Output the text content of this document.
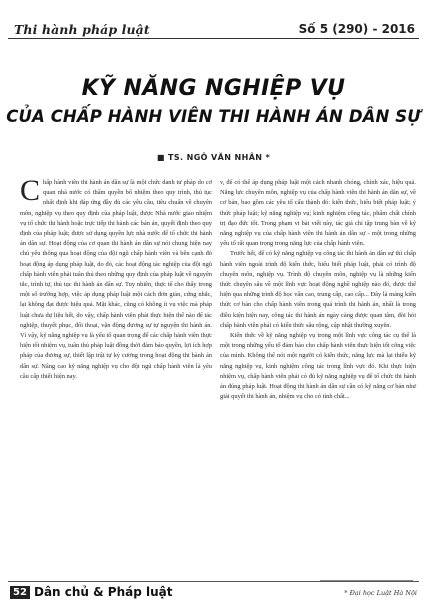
Thi hành pháp luật	Số 5 (290) - 2016
KỸ NĂNG NGHIỆP VỤ
CỦA CHẤP HÀNH VIÊN THI HÀNH ÁN DÂN SỰ
■ TS. NGÔ VĂN NHÂN *

Chấp hành viên thi hành án dân sự là một chức danh tư pháp do cơ quan nhà nước có thẩm quyền bổ nhiệm theo quy trình, thủ tục nhất định khi đáp ứng đầy đủ các yêu cầu, tiêu chuẩn về chuyên môn, nghiệp vụ theo quy định của pháp luật, được Nhà nước giao nhiệm vụ tổ chức thi hành hoặc trực tiếp thi hành các bản án, quyết định theo quy định của pháp luật; được sử dụng quyền lực nhà nước để tổ chức thi hành án dân sự. Hoạt động của cơ quan thi hành án dân sự nói chung hiện nay chủ yếu thông qua hoạt động của đội ngũ chấp hành viên và bên cạnh đó hoạt động áp dụng pháp luật, do đó, các hoạt động tác nghiệp của đội ngũ chấp hành viên phải tuân thủ theo những quy định của pháp luật về nguyên tắc, trình tự, thủ tục thi hành án dân sự. Tuy nhiên, thực tế cho thấy trong một số trường hợp, việc áp dụng pháp luật một cách đơn giản, cứng nhắc, lại không đạt được hiệu quả. Mặt khác, cũng có không ít vụ việc mà pháp luật chưa dự liệu hết, do vậy, chấp hành viên phải thực hiện thế nào để tác nghiệp, thuyết phục, đối thoại, vận động đương sự tự nguyện thi hành án. Vì vậy, kỹ năng nghiệp vụ là yếu tố quan trọng để các chấp hành viên thực hiện tốt nhiệm vụ, tuân thủ pháp luật đồng thời đảm bảo quyền, lợi ích hợp pháp của đương sự, thiết lập trật tự kỷ cương trong hoạt động thi hành án dân sự. Nâng cao kỹ năng nghiệp vụ cho đội ngũ chấp hành viên là yêu cầu cấp thiết hiện nay.

v, để có thể áp dụng pháp luật một cách nhanh chóng, chính xác, hiệu quả. Năng lực chuyên môn, nghiệp vụ của chấp hành viên thi hành án dân sự, về cơ bản, bao gồm các yêu tố cấu thành đó: kiến thức, hiểu biết pháp luật; ý thức pháp luật; kỹ năng nghiệp vụ; kinh nghiệm công tác, phẩm chất chính trị đạo đức tốt. Trong phạm vi bài viết này, tác giả chỉ tập trung bàn về kỹ năng nghiệp vụ của chấp hành viên thi hành án dân sự - một trong những yếu tố rất quan trọng trong năng lực của chấp hành viên.

Trước hết, để có kỹ năng nghiệp vụ công tác thi hành án dân sự thì chấp hành viên ngoài trình độ kiến thức, hiểu biết pháp luật, phải có trình độ chuyên môn, nghiệp vụ. Trình độ chuyên môn, nghiệp vụ là những kiến thức chuyên sâu về một lĩnh vực hoạt động nghề nghiệp nào đó, được thể hiện qua những trình độ học vấn cao, trung cấp, cao cấp... Đây là mảng kiến thức cơ bản cho chấp hành viên trong quá trình thi hành án, nhất là trong điều kiện hiện nay, công tác thi hành án ngày càng được quan tâm, đòi hỏi chấp hành viên phải có kiến thức sâu rộng, cập nhật thường xuyên.

Kiến thức về kỹ năng nghiệp vụ trong một lĩnh vực công tác cụ thể là một trong những yếu tố đảm bảo cho chấp hành viên thực hiện tốt công việc của mình. Không thể nói một người có kiến thức, năng lực mà lại thiếu kỹ năng nghiệp vụ, kinh nghiệm công tác trong lĩnh vực đó. Khi thực hiện nhiệm vụ, chấp hành viên phải có đủ kỹ năng nghiệp vụ để tổ chức thi hành án đúng pháp luật. Hoạt động thi hành án dân sự cần có kỹ năng cơ bản như giải quyết thi hành án, nhiệm vụ cho có tính chất...

52 Dân chủ & Pháp luật	* Đại học Luật Hà Nội
